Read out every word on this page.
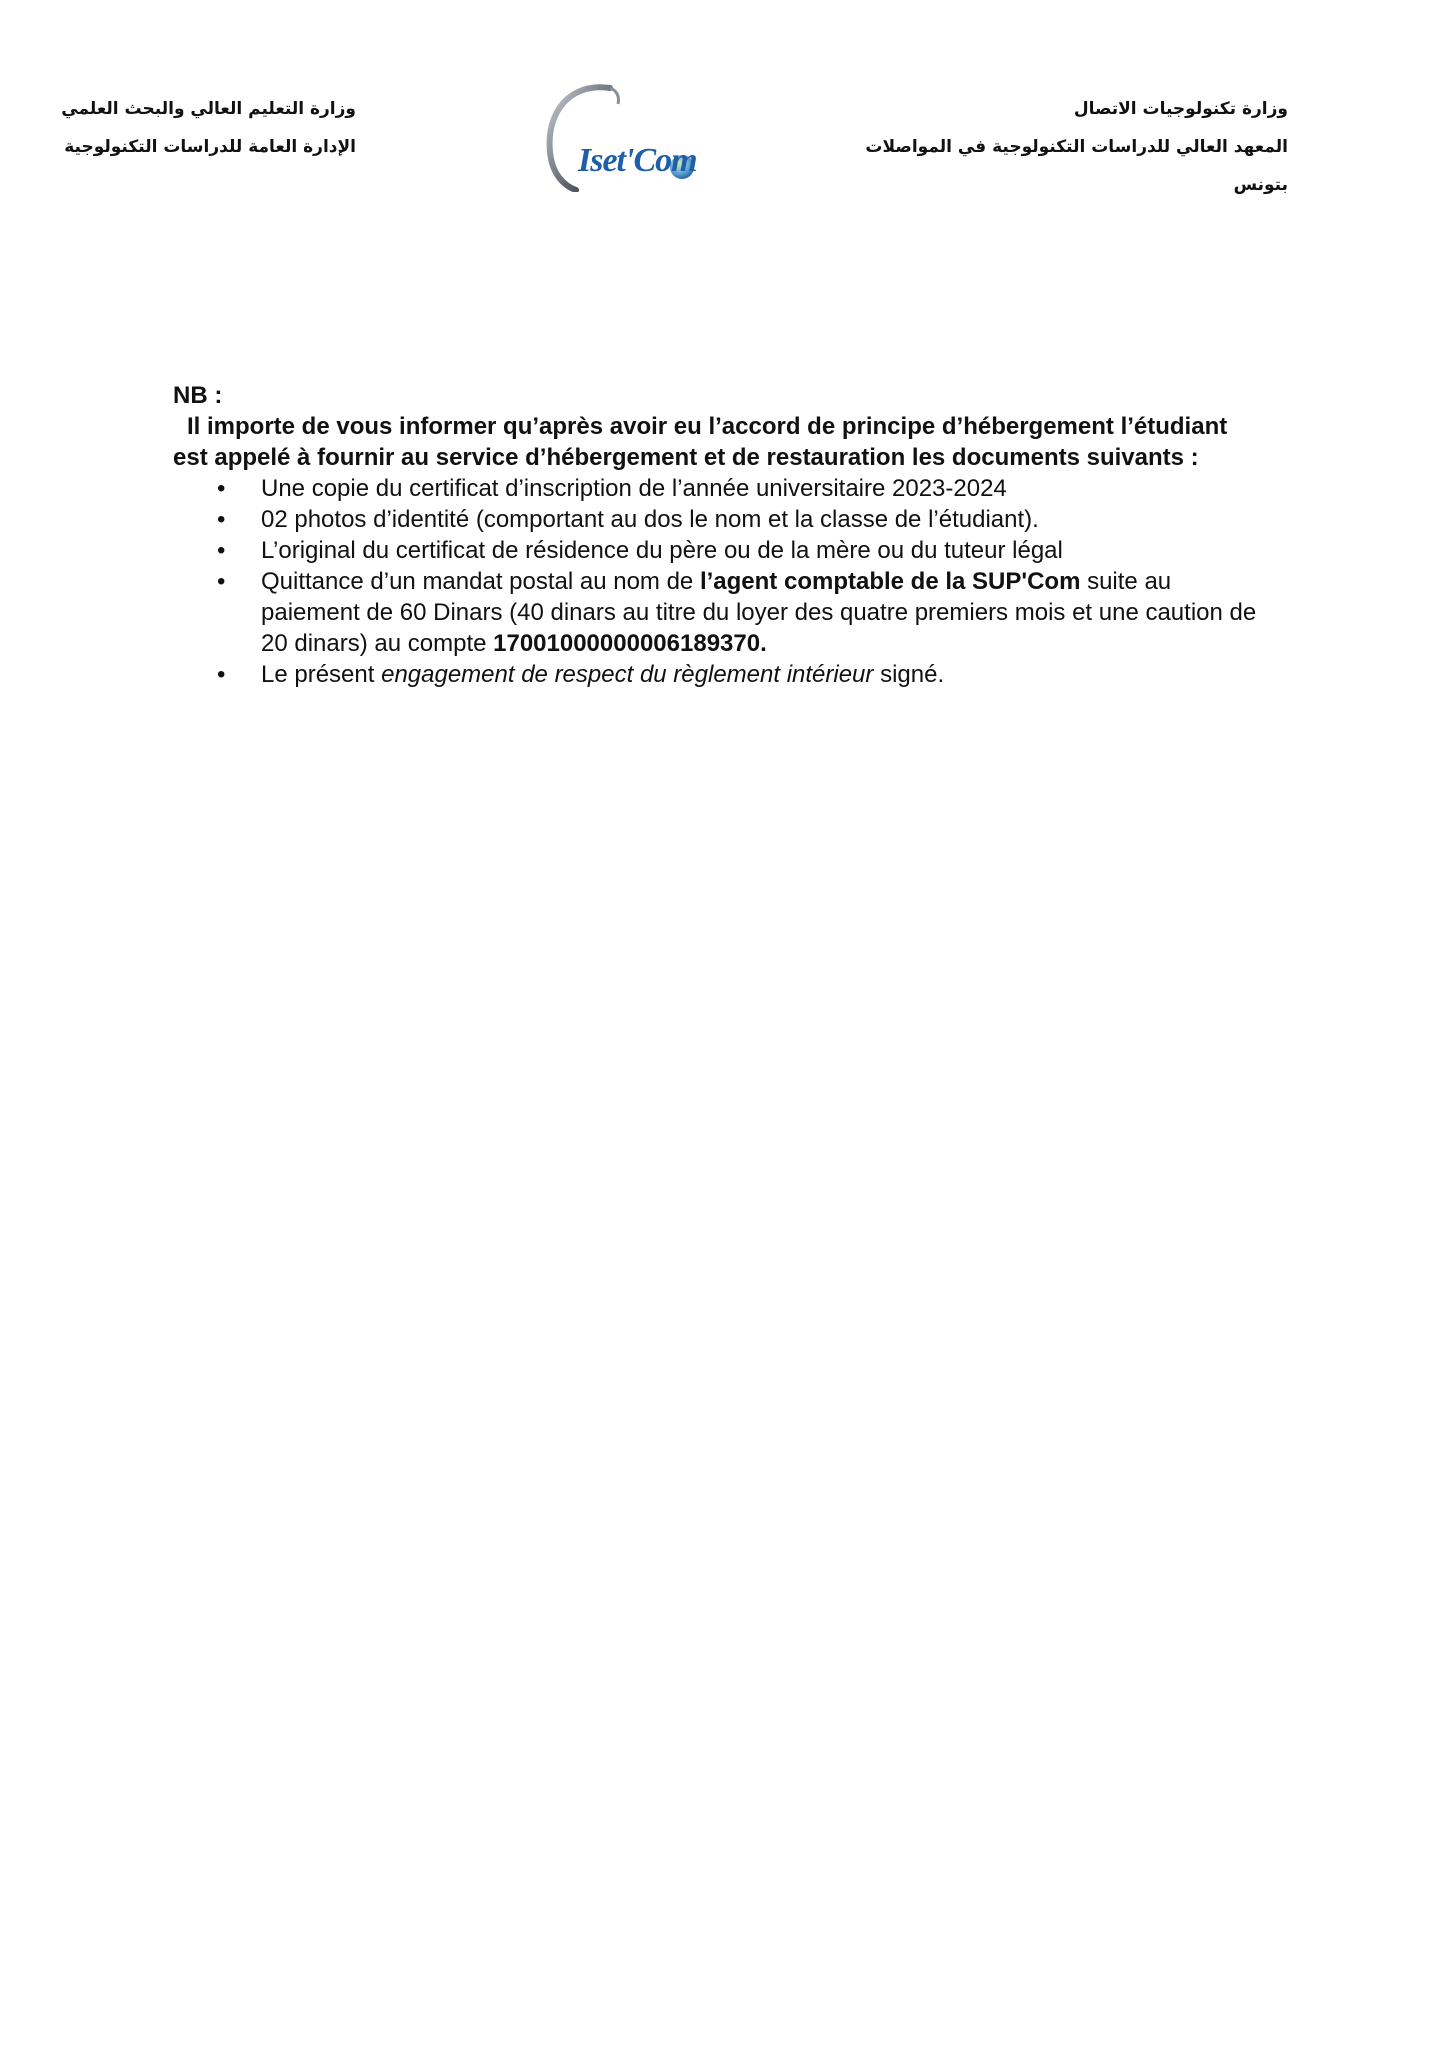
وزارة التعليم العالي والبحث العلمي
الإدارة العامة للدراسات التكنولوجية	Iset'Com
وزارة تكنولوجيات الاتصال
المعهد العالي للدراسات التكنولوجية في المواصلات بتونس
NB :

Il importe de vous informer qu’après avoir eu l’accord de principe d’hébergement l’étudiant est appelé à fournir au service d’hébergement et de restauration les documents suivants :

• Une copie du certificat d’inscription de l’année universitaire 2023-2024
• 02 photos d’identité (comportant au dos le nom et la classe de l’étudiant).
• L’original du certificat de résidence du père ou de la mère ou du tuteur légal
• Quittance d’un mandat postal au nom de l’agent comptable de la SUP'Com suite au paiement de 60 Dinars (40 dinars au titre du loyer des quatre premiers mois et une caution de 20 dinars) au compte 17001000000006189370.
• Le présent engagement de respect du règlement intérieur signé.
